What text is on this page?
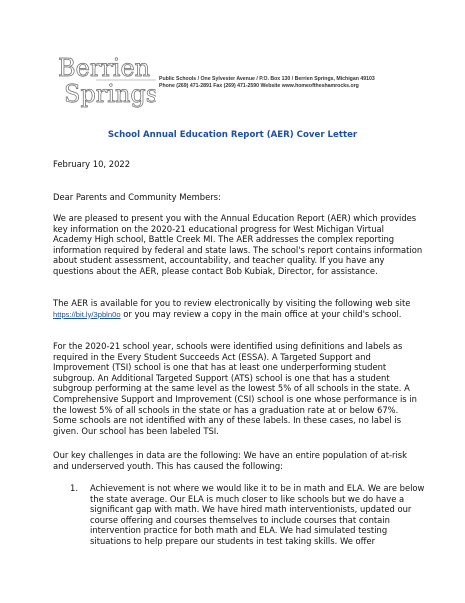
Berrien
Springs
Public Schools / One Sylvester Avenue / P.O. Box 130 / Berrien Springs, Michigan 49103
Phone (269) 471-2891 Fax (269) 471-2590 Website www.homeoftheshamrocks.org
School Annual Education Report (AER) Cover Letter

February 10, 2022

Dear Parents and Community Members:

We are pleased to present you with the Annual Education Report (AER) which provides key information on the 2020-21 educational progress for West Michigan Virtual Academy High school, Battle Creek MI. The AER addresses the complex reporting information required by federal and state laws. The school's report contains information about student assessment, accountability, and teacher quality. If you have any questions about the AER, please contact Bob Kubiak, Director, for assistance.

The AER is available for you to review electronically by visiting the following web site https://bit.ly/3pbln0o or you may review a copy in the main office at your child's school.

For the 2020-21 school year, schools were identified using definitions and labels as required in the Every Student Succeeds Act (ESSA). A Targeted Support and Improvement (TSI) school is one that has at least one underperforming student subgroup. An Additional Targeted Support (ATS) school is one that has a student subgroup performing at the same level as the lowest 5% of all schools in the state. A Comprehensive Support and Improvement (CSI) school is one whose performance is in the lowest 5% of all schools in the state or has a graduation rate at or below 67%. Some schools are not identified with any of these labels. In these cases, no label is given. Our school has been labeled TSI.

Our key challenges in data are the following: We have an entire population of at-risk and underserved youth. This has caused the following:

1. Achievement is not where we would like it to be in math and ELA. We are below the state average. Our ELA is much closer to like schools but we do have a significant gap with math. We have hired math interventionists, updated our course offering and courses themselves to include courses that contain intervention practice for both math and ELA. We had simulated testing situations to help prepare our students in test taking skills. We offer
